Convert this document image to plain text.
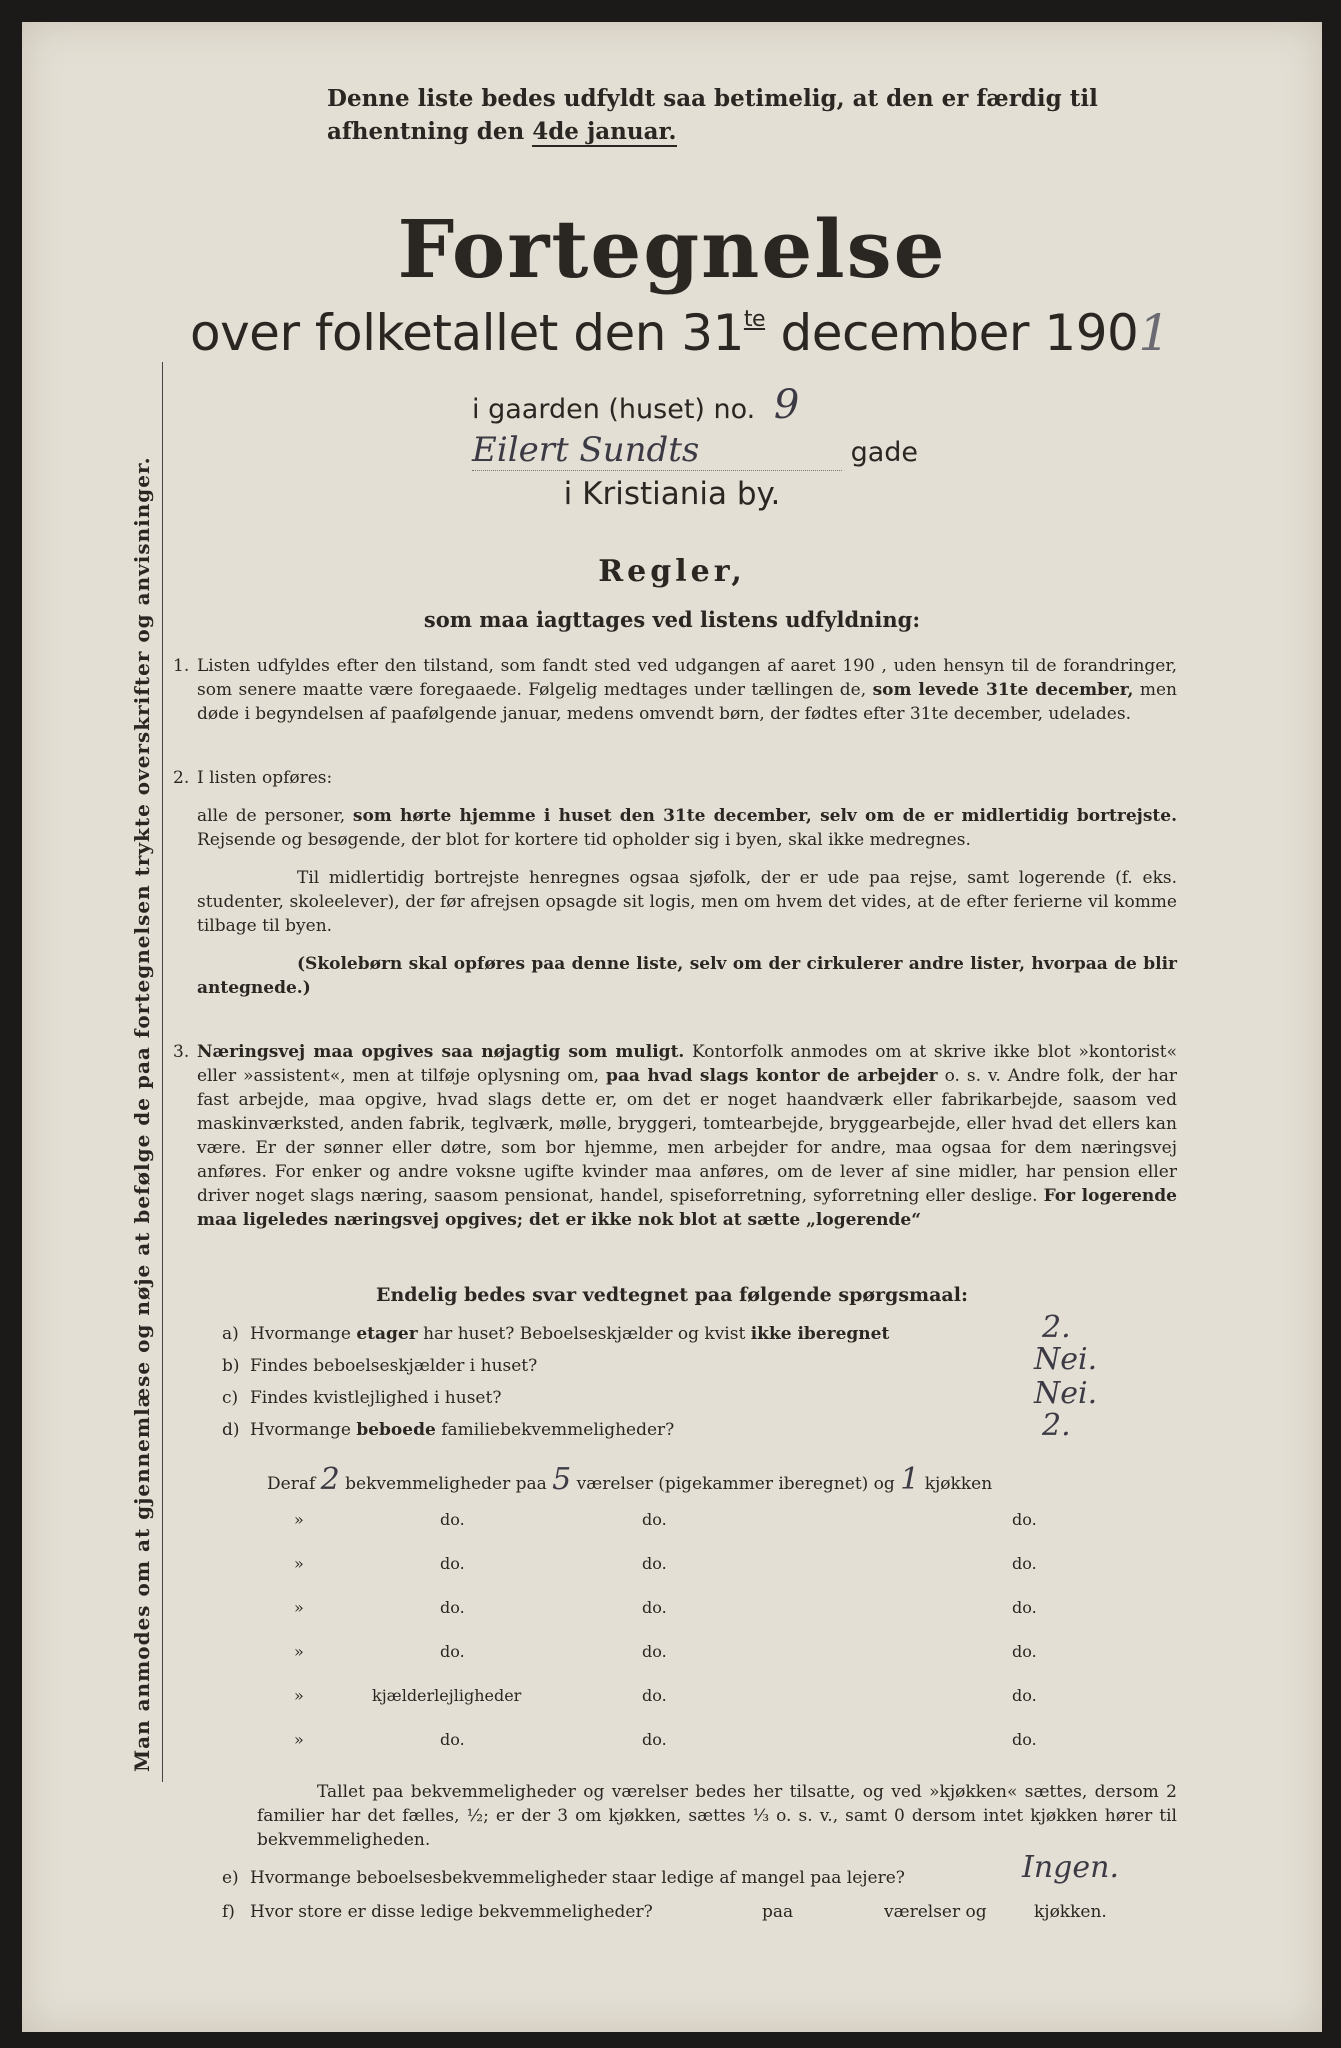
Denne liste bedes udfyldt saa betimelig, at den er færdig til
afhentning den 4de januar.
Fortegnelse
over folketallet den $31^{te}$ december 1901
i gaarden (huset) no. 9
Eilert Sundts	gade
i Kristiania by.
Regler,
som maa iagttages ved listens udfyldning:
1. Listen udfyldes efter den tilstand, som fandt sted ved udgangen af aaret 190 , uden hensyn til de forandringer, som senere maatte være foregaaede. Følgelig medtages under tællingen de, som levede 31te december, men døde i begyndelsen af paafølgende januar, medens omvendt børn, der fødtes efter 31te december, udelades.

2. I listen opføres:

alle de personer, som hørte hjemme i huset den 31te december, selv om de er midlertidig bortrejste. Rejsende og besøgende, der blot for kortere tid opholder sig i byen, skal ikke medregnes.

Til midlertidig bortrejste henregnes ogsaa sjøfolk, der er ude paa rejse, samt logerende (f. eks. studenter, skoleelever), der før afrejsen opsagde sit logis, men om hvem det vides, at de efter ferierne vil komme tilbage til byen.

(Skolebørn skal opføres paa denne liste, selv om der cirkulerer andre lister, hvorpaa de blir antegnede.)

3. Næringsvej maa opgives saa nøjagtig som muligt. Kontorfolk anmodes om at skrive ikke blot »kontorist« eller »assistent«, men at tilføje oplysning om, paa hvad slags kontor de arbejder o. s. v. Andre folk, der har fast arbejde, maa opgive, hvad slags dette er, om det er noget haandværk eller fabrikarbejde, saasom ved maskinværksted, anden fabrik, teglværk, mølle, bryggeri, tomtearbejde, bryggearbejde, eller hvad det ellers kan være. Er der sønner eller døtre, som bor hjemme, men arbejder for andre, maa ogsaa for dem næringsvej anføres. For enker og andre voksne ugifte kvinder maa anføres, om de lever af sine midler, har pension eller driver noget slags næring, saasom pensionat, handel, spiseforretning, syforretning eller deslige. For logerende maa ligeledes næringsvej opgives; det er ikke nok blot at sætte „logerende“

Endelig bedes svar vedtegnet paa følgende spørgsmaal:
a) Hvormange etager har huset? Beboelseskjælder og kvist ikke iberegnet	2.
b) Findes beboelseskjælder i huset?	Nei.
c) Findes kvistlejlighed i huset?	Nei.
d) Hvormange beboede familiebekvemmeligheder?	2.
Deraf 2 bekvemmeligheder paa 5 værelser (pigekammer iberegnet) og 1 kjøkken
»	do.	do.	do.
»	do.	do.	do.
»	do.	do.	do.
»	do.	do.	do.
»	kjælderlejligheder	do.	do.
»	do.	do.	do.
Tallet paa bekvemmeligheder og værelser bedes her tilsatte, og ved »kjøkken« sættes, dersom 2 familier har det fælles, ½; er der 3 om kjøkken, sættes ⅓ o. s. v., samt 0 dersom intet kjøkken hører til bekvemmeligheden.
e) Hvormange beboelsesbekvemmeligheder staar ledige af mangel paa lejere?	Ingen.
f) Hvor store er disse ledige bekvemmeligheder?	paa	værelser og	kjøkken.
Man anmodes om at gjennemlæse og nøje at befølge de paa fortegnelsen trykte overskrifter og anvisninger.
